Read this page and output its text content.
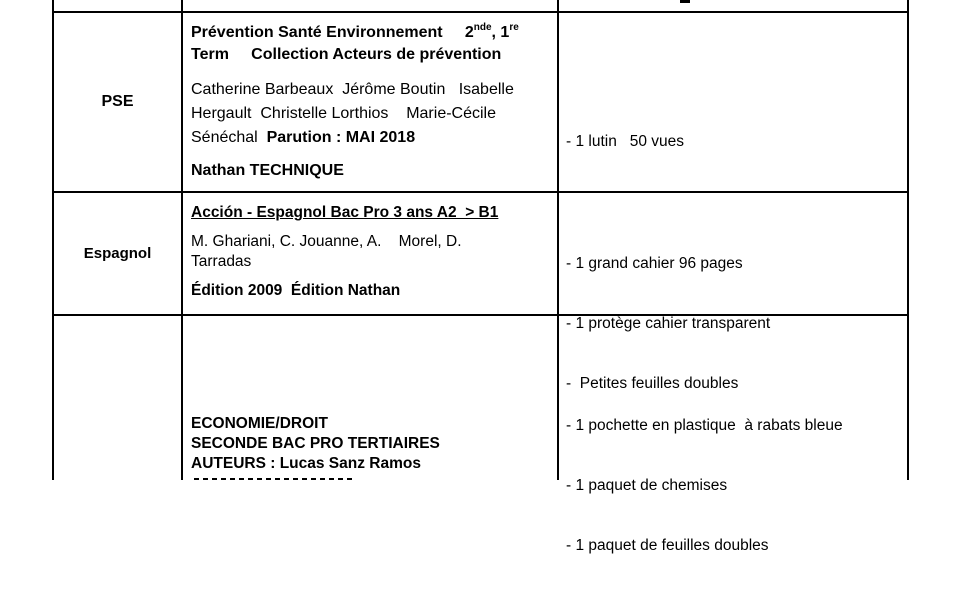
PSE
Prévention Santé Environnement 2nde, 1re
Term     Collection Acteurs de prévention
Catherine Barbeaux  Jérôme Boutin   Isabelle
Hergault  Christelle Lorthios    Marie-Cécile
Sénéchal Parution : MAI 2018
Nathan TECHNIQUE

- 1 lutin   50 vues

Espagnol
Acción - Espagnol Bac Pro 3 ans A2  > B1
M. Ghariani, C. Jouanne, A.    Morel, D.
Tarradas
Édition 2009  Édition Nathan

- 1 grand cahier 96 pages

- 1 protège cahier transparent

-  Petites feuilles doubles

ECONOMIE/DROIT
SECONDE BAC PRO TERTIAIRES
AUTEURS : Lucas Sanz Ramos

- 1 pochette en plastique  à rabats bleue

- 1 paquet de chemises

- 1 paquet de feuilles doubles
